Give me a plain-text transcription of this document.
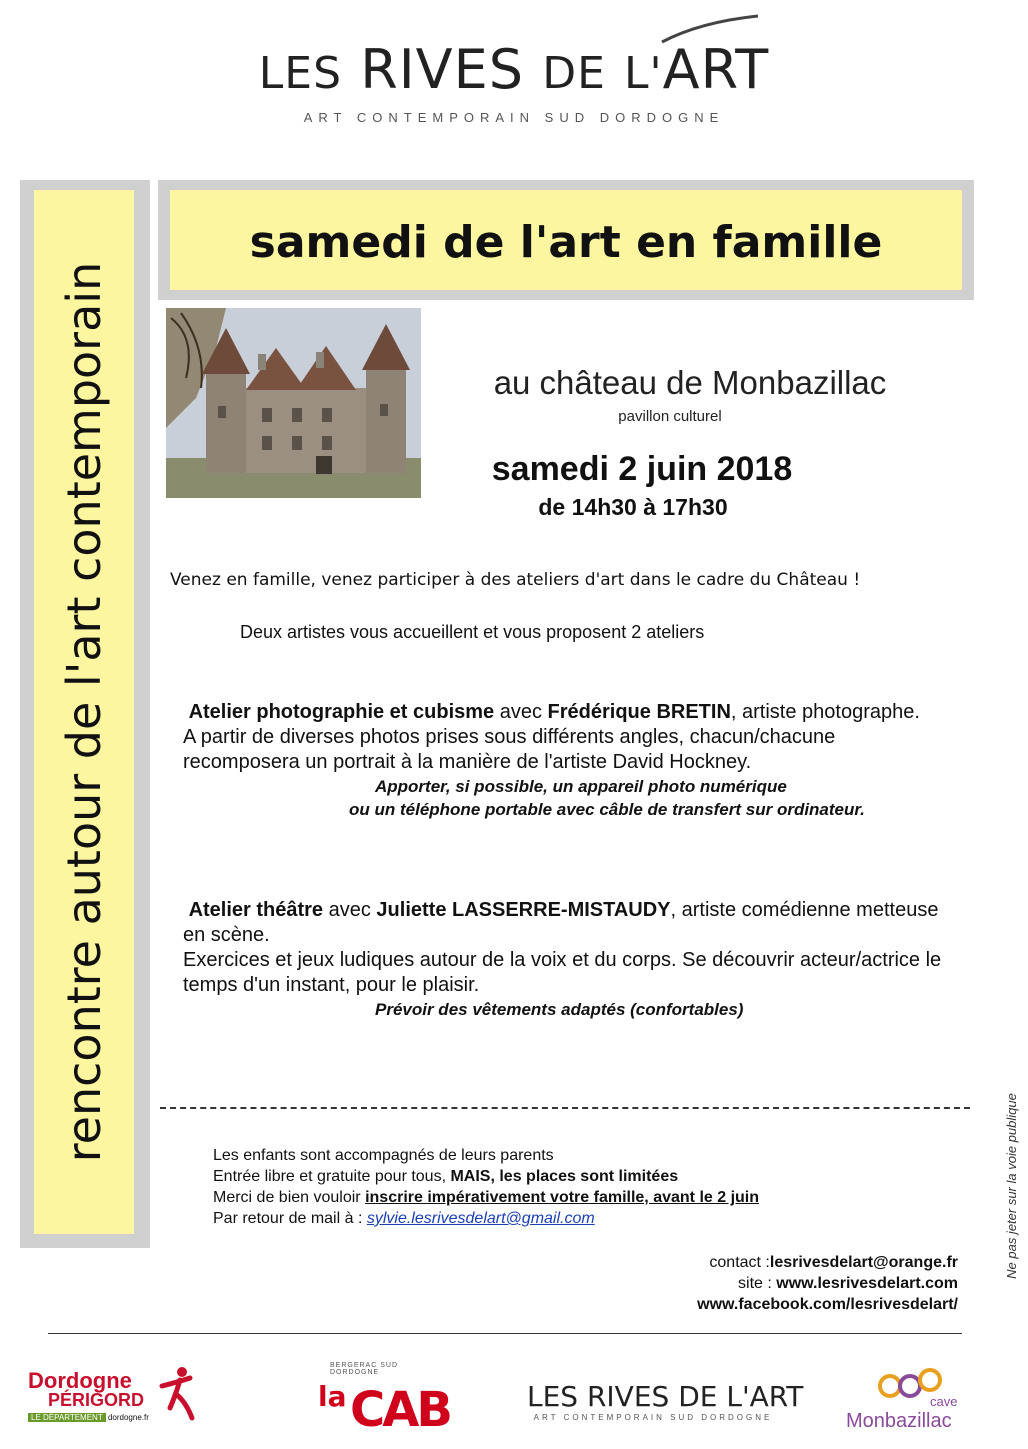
LES RIVES DE L'ART
ART CONTEMPORAIN SUD DORDOGNE
rencontre autour de l'art contemporain
samedi de l'art en famille
au château de Monbazillac
pavillon culturel
samedi 2 juin 2018
de 14h30 à 17h30
Venez en famille, venez participer à des ateliers d'art dans le cadre du Château !
Deux artistes vous accueillent et vous proposent 2 ateliers
Atelier photographie et cubisme avec Frédérique BRETIN, artiste photographe.
A partir de diverses photos prises sous différents angles, chacun/chacune recomposera un portrait à la manière de l'artiste David Hockney.
Apporter, si possible, un appareil photo numérique
ou un téléphone portable avec câble de transfert sur ordinateur.
Atelier théâtre avec Juliette LASSERRE-MISTAUDY, artiste comédienne metteuse en scène.
Exercices et jeux ludiques autour de la voix et du corps. Se découvrir acteur/actrice le temps d'un instant, pour le plaisir.
Prévoir des vêtements adaptés (confortables)
Les enfants sont accompagnés de leurs parents
Entrée libre et gratuite pour tous, MAIS, les places sont limitées
Merci de bien vouloir inscrire impérativement votre famille, avant le 2 juin
Par retour de mail à : sylvie.lesrivesdelart@gmail.com
contact :lesrivesdelart@orange.fr
site : www.lesrivesdelart.com
www.facebook.com/lesrivesdelart/
Ne pas jeter sur la voie publique
Dordogne
PÉRIGORD
LE DÉPARTEMENT dordogne.fr
BERGERAC SUD DORDOGNE
la CAB	LES RIVES DE L'ART
ART CONTEMPORAIN SUD DORDOGNE
cave
Monbazillac
